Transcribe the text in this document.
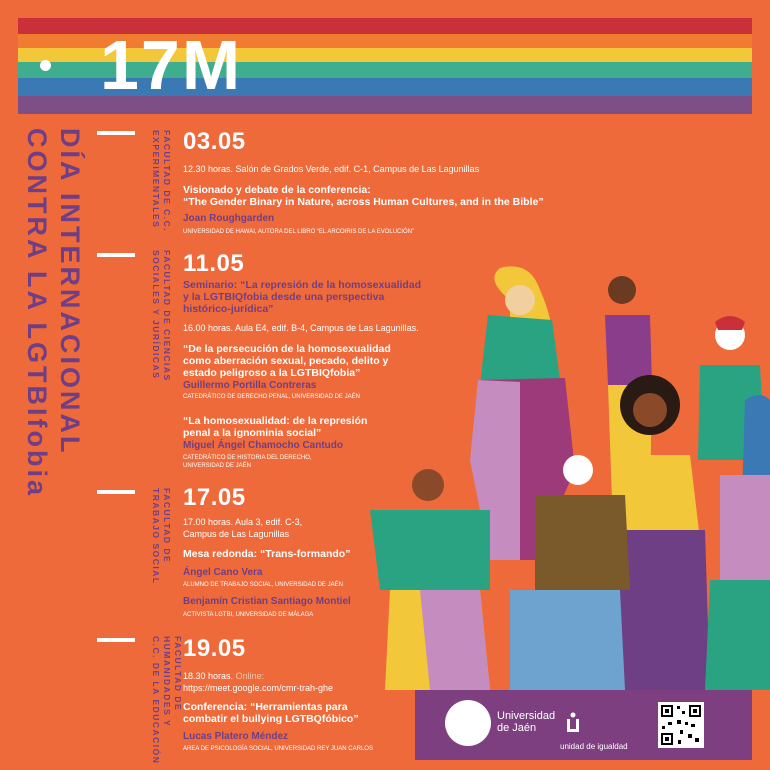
17M
DÍA INTERNACIONAL
CONTRA LA LGTBIfobia	FACULTAD DE C.C.
EXPERIMENTALES 03.05
12.30 horas. Salón de Grados Verde, edif. C-1, Campus de Las Lagunillas
Visionado y debate de la conferencia:
“The Gender Binary in Nature, across Human Cultures, and in the Bible”
Joan Roughgarden
UNIVERSIDAD DE HAWAI, AUTORA DEL LIBRO “EL ARCOIRIS DE LA EVOLUCIÓN”
FACULTAD DE CIENCIAS
SOCIALES Y JURÍDICAS 11.05
Seminario: “La represión de la homosexualidad
y la LGTBIQfobia desde una perspectiva
histórico-jurídica”
16.00 horas. Aula E4, edif. B-4, Campus de Las Lagunillas.
“De la persecución de la homosexualidad
como aberración sexual, pecado, delito y
estado peligroso a la LGTBIQfobia”
Guillermo Portilla Contreras
CATEDRÁTICO DE DERECHO PENAL, UNIVERSIDAD DE JAÉN
“La homosexualidad: de la represión
penal a la ignominia social”
Miguel Ángel Chamocho Cantudo
CATEDRÁTICO DE HISTORIA DEL DERECHO,
UNIVERSIDAD DE JAÉN
FACULTAD DE
TRABAJO SOCIAL 17.05
17.00 horas. Aula 3, edif. C-3,
Campus de Las Lagunillas
Mesa redonda: “Trans-formando”
Ángel Cano Vera
ALUMNO DE TRABAJO SOCIAL, UNIVERSIDAD DE JAÉN
Benjamín Cristian Santiago Montiel
ACTIVISTA LGTBI, UNIVERSIDAD DE MÁLAGA
FACULTAD DE
HUMANIDADES Y
C.C. DE LA EDUCACIÓN 19.05
18.30 horas. Online:
https://meet.google.com/cmr-trah-ghe
Conferencia: “Herramientas para
combatir el bullying LGTBQfóbico”
Lucas Platero Méndez
AREA DE PSICOLOGÍA SOCIAL, UNIVERSIDAD REY JUAN CARLOS
Universidad
de Jaén
unidad de igualdad
